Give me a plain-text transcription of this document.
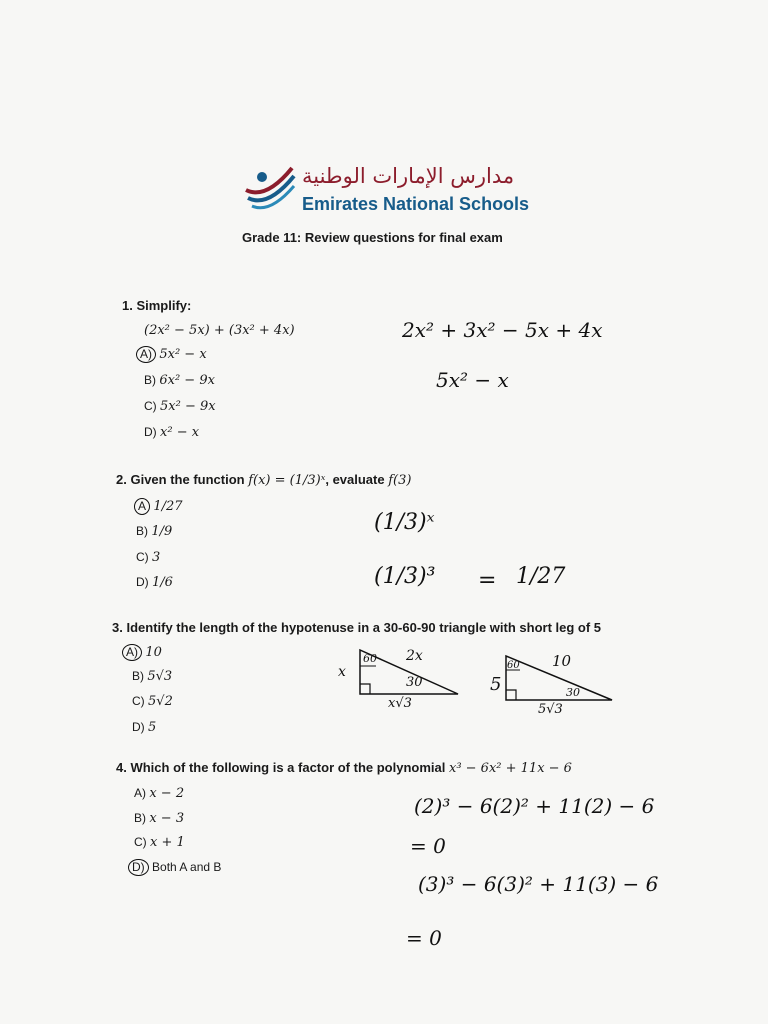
مدارس الإمارات الوطنية
Emirates National Schools
Grade 11: Review questions for final exam
1. Simplify:
(2x² − 5x) + (3x² + 4x)
A) 5x² − x
B) 6x² − 9x
C) 5x² − 9x
D) x² − x
2x² + 3x² − 5x + 4x
5x² − x
2. Given the function f(x) = (1/3)ˣ, evaluate f(3)
A 1/27
B) 1/9
C) 3
D) 1/6
(1/3)ˣ
(1/3)³ = 1/27
3. Identify the length of the hypotenuse in a 30-60-90 triangle with short leg of 5
A) 10
B) 5√3
C) 5√2
D) 5
x
60 2x
30
x√3
5
60 10
30
5√3
4. Which of the following is a factor of the polynomial x³ − 6x² + 11x − 6
A) x − 2
B) x − 3
C) x + 1
D) Both A and B
(2)³ − 6(2)² + 11(2) − 6
= 0
(3)³ − 6(3)² + 11(3) − 6
= 0
